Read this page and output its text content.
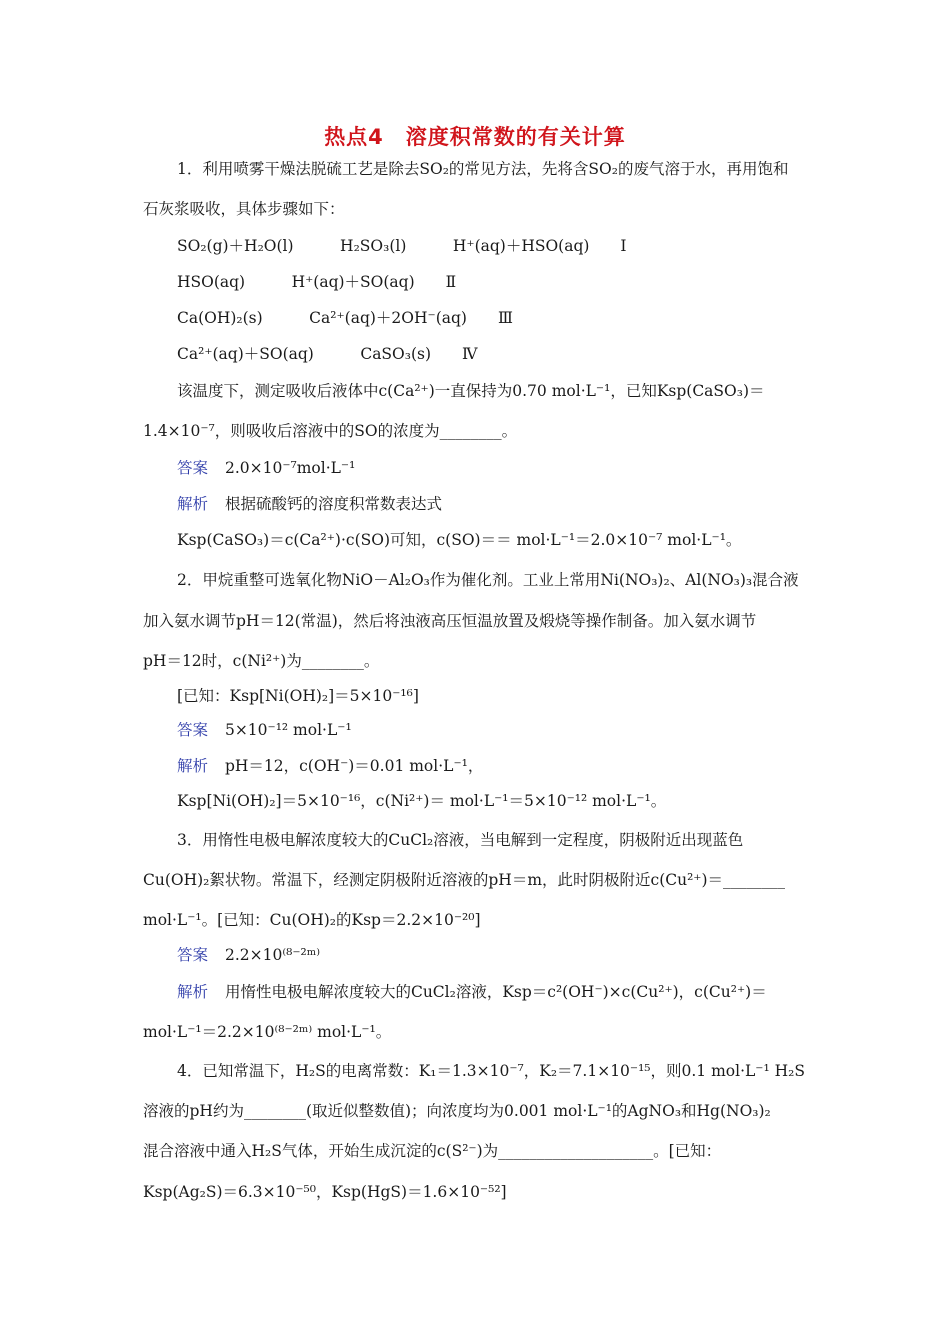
热点4　溶度积常数的有关计算
1．利用喷雾干燥法脱硫工艺是除去SO₂的常见方法，先将含SO₂的废气溶于水，再用饱和
石灰浆吸收，具体步骤如下：
SO₂(g)＋H₂O(l)　　　H₂SO₃(l)　　　H⁺(aq)＋HSO(aq)　　Ⅰ
HSO(aq)　　　H⁺(aq)＋SO(aq)　　Ⅱ
Ca(OH)₂(s)　　　Ca²⁺(aq)＋2OH⁻(aq)　　Ⅲ
Ca²⁺(aq)＋SO(aq)　　　CaSO₃(s)　　Ⅳ
该温度下，测定吸收后液体中c(Ca²⁺)一直保持为0.70 mol·L⁻¹，已知Ksp(CaSO₃)＝
1.4×10⁻⁷，则吸收后溶液中的SO的浓度为________。
答案 2.0×10⁻⁷mol·L⁻¹
解析 根据硫酸钙的溶度积常数表达式
Ksp(CaSO₃)＝c(Ca²⁺)·c(SO)可知，c(SO)＝＝ mol·L⁻¹＝2.0×10⁻⁷ mol·L⁻¹。
2．甲烷重整可选氧化物NiO－Al₂O₃作为催化剂。工业上常用Ni(NO₃)₂、Al(NO₃)₃混合液
加入氨水调节pH＝12(常温)，然后将浊液高压恒温放置及煅烧等操作制备。加入氨水调节
pH＝12时，c(Ni²⁺)为________。
[已知：Ksp[Ni(OH)₂]＝5×10⁻¹⁶]
答案 5×10⁻¹² mol·L⁻¹
解析 pH＝12，c(OH⁻)＝0.01 mol·L⁻¹，
Ksp[Ni(OH)₂]＝5×10⁻¹⁶，c(Ni²⁺)＝ mol·L⁻¹＝5×10⁻¹² mol·L⁻¹。
3．用惰性电极电解浓度较大的CuCl₂溶液，当电解到一定程度，阴极附近出现蓝色
Cu(OH)₂絮状物。常温下，经测定阴极附近溶液的pH＝m，此时阴极附近c(Cu²⁺)＝________
mol·L⁻¹。[已知：Cu(OH)₂的Ksp＝2.2×10⁻²⁰]
答案 2.2×10⁽⁸⁻²ᵐ⁾
解析 用惰性电极电解浓度较大的CuCl₂溶液，Ksp＝c²(OH⁻)×c(Cu²⁺)，c(Cu²⁺)＝
mol·L⁻¹＝2.2×10⁽⁸⁻²ᵐ⁾ mol·L⁻¹。
4．已知常温下，H₂S的电离常数：K₁＝1.3×10⁻⁷，K₂＝7.1×10⁻¹⁵，则0.1 mol·L⁻¹ H₂S
溶液的pH约为________(取近似整数值)；向浓度均为0.001 mol·L⁻¹的AgNO₃和Hg(NO₃)₂
混合溶液中通入H₂S气体，开始生成沉淀的c(S²⁻)为____________________。[已知：
Ksp(Ag₂S)＝6.3×10⁻⁵⁰，Ksp(HgS)＝1.6×10⁻⁵²]
